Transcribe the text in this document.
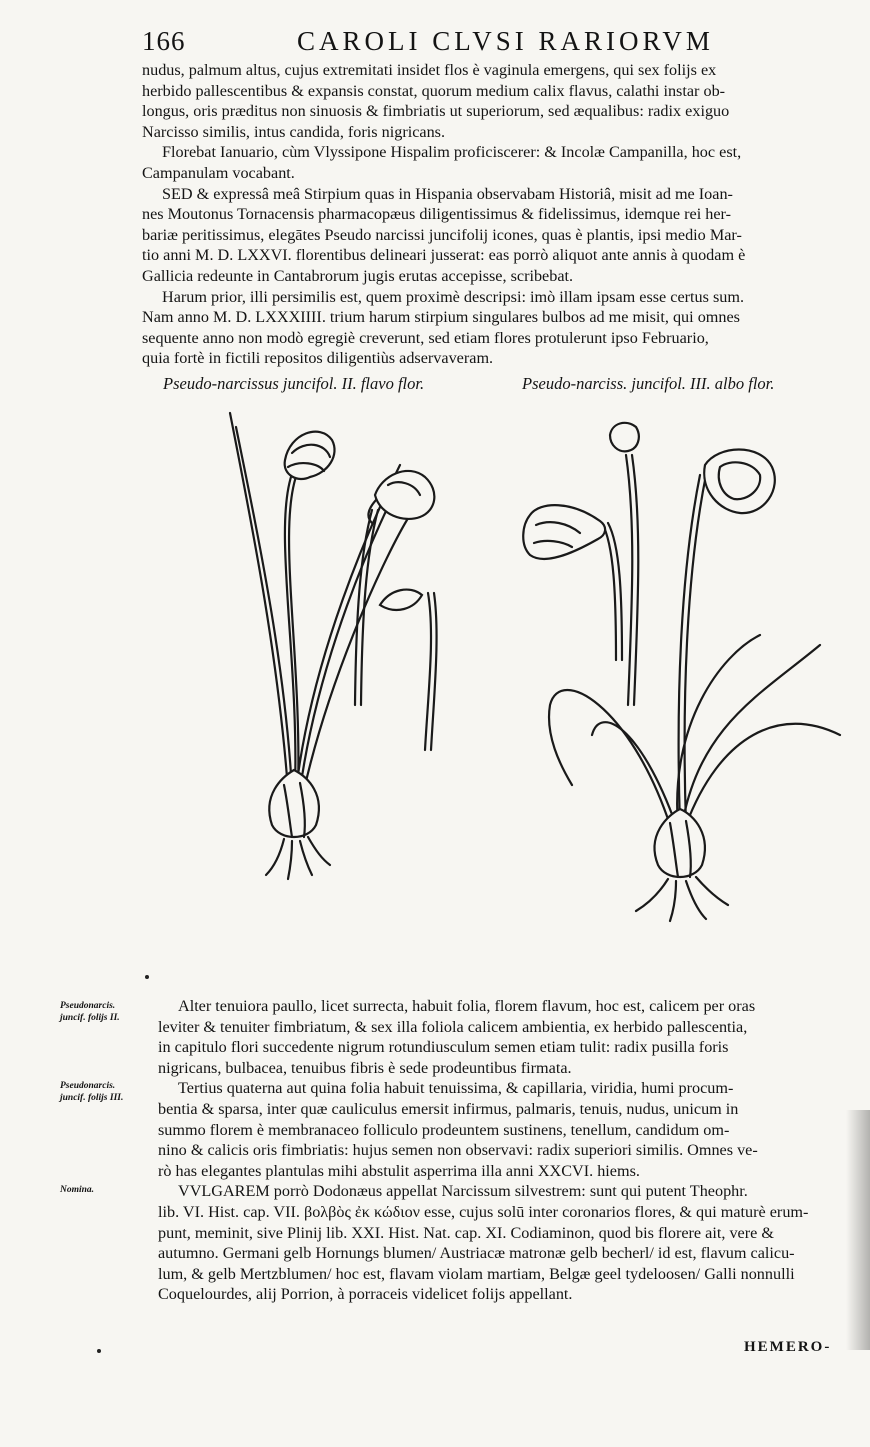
166	CAROLI CLVSI RARIORVM
nudus, palmum altus, cujus extremitati insidet flos è vaginula emergens, qui sex folijs ex
herbido pallescentibus & expansis constat, quorum medium calix flavus, calathi instar ob-
longus, oris præditus non sinuosis & fimbriatis ut superiorum, sed æqualibus: radix exiguo
Narcisso similis, intus candida, foris nigricans.
Florebat Ianuario, cùm Vlyssipone Hispalim proficiscerer: & Incolæ Campanilla, hoc est,
Campanulam vocabant.
SED & expressâ meâ Stirpium quas in Hispania observabam Historiâ, misit ad me Ioan-
nes Moutonus Tornacensis pharmacopæus diligentissimus & fidelissimus, idemque rei her-
bariæ peritissimus, elegātes Pseudo narcissi juncifolij icones, quas è plantis, ipsi medio Mar-
tio anni M. D. LXXVI. florentibus delineari jusserat: eas porrò aliquot ante annis à quodam è
Gallicia redeunte in Cantabrorum jugis erutas accepisse, scribebat.
Harum prior, illi persimilis est, quem proximè descripsi: imò illam ipsam esse certus sum.
Nam anno M. D. LXXXIIII. trium harum stirpium singulares bulbos ad me misit, qui omnes
sequente anno non modò egregiè creverunt, sed etiam flores protulerunt ipso Februario,
quia fortè in fictili repositos diligentiùs adservaveram.
Pseudo-narcissus juncifol. II. flavo flor.	Pseudo-narciss. juncifol. III. albo flor.
Pseudonarcis. juncif. folijs II.
Pseudonarcis. juncif. folijs III.
Nomina.
Alter tenuiora paullo, licet surrecta, habuit folia, florem flavum, hoc est, calicem per oras
leviter & tenuiter fimbriatum, & sex illa foliola calicem ambientia, ex herbido pallescentia,
in capitulo flori succedente nigrum rotundiusculum semen etiam tulit: radix pusilla foris
nigricans, bulbacea, tenuibus fibris è sede prodeuntibus firmata.
Tertius quaterna aut quina folia habuit tenuissima, & capillaria, viridia, humi procum-
bentia & sparsa, inter quæ cauliculus emersit infirmus, palmaris, tenuis, nudus, unicum in
summo florem è membranaceo folliculo prodeuntem sustinens, tenellum, candidum om-
nino & calicis oris fimbriatis: hujus semen non observavi: radix superiori similis. Omnes ve-
rò has elegantes plantulas mihi abstulit asperrima illa anni XXCVI. hiems.
VVLGAREM porrò Dodonæus appellat Narcissum silvestrem: sunt qui putent Theophr.
lib. VI. Hist. cap. VII. βολβὸς ἐκ κώδιον esse, cujus solū inter coronarios flores, & qui maturè erum-
punt, meminit, sive Plinij lib. XXI. Hist. Nat. cap. XI. Codiaminon, quod bis florere ait, vere &
autumno. Germani gelb Hornungs blumen/ Austriacæ matronæ gelb becherl/ id est, flavum calicu-
lum, & gelb Mertzblumen/ hoc est, flavam violam martiam, Belgæ geel tydeloosen/ Galli nonnulli
Coquelourdes, alij Porrion, à porraceis videlicet folijs appellant.
HEMERO-
